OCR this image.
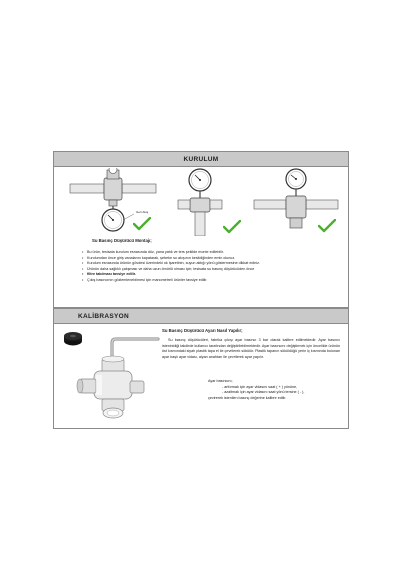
KURULUM
Geri Akış
Su Basınç Düşürücü Montajı;
• Bu ürün, tesisata kurulum esnasında düz, yana yatık ve ters şekilde monte edilebilir.
• Kurulumdan önce giriş vanalarını kapatarak, şebeke su akışının kesildiğinden emin olunuz.
• Kurulum esnasında ürünün gövdesi üzerindeki ok işaretinin, suyun aktığı yönü göstermesine dikkat ediniz.
• Ürünün daha sağlıklı çalışması ve daha uzun ömürlü olması için; tesisata su basınç düşürücüden önce
• filtre takılması tavsiye edilir.
• Çıkış basıncının gözlemlenebilmesi için manometreli ürünler tavsiye edilir.
KALİBRASYON
Su Basınç Düşürücü Ayarı Nasıl Yapılır;

Su basınç düşürücüleri, fabrika çıkışı ayar basıncı 3 bar olarak kalibre edilmektedir. Ayar basıncı isteninldiği takdirde kullanıcı tarafından değiştirilebilmektedir. Ayar basıncını değiştirmek için öncelikle ürünün üst kısmındaki siyah plastik tapa el ile çevrilerek sökülür. Plastik tapanın söküldüğü yerin iç kısmında bulunan ayar başlı ayar vidası, alyan anahtarı ile çevrilerek ayar yapılır.

Ayar basıncını;
- arttırmak için ayar vidasını saat ( + ) yönüne,
- azaltmak için ayar vidasını saat yönü tersine ( - ),
çevirerek istenilen basınç değerine kalibre edilir.
